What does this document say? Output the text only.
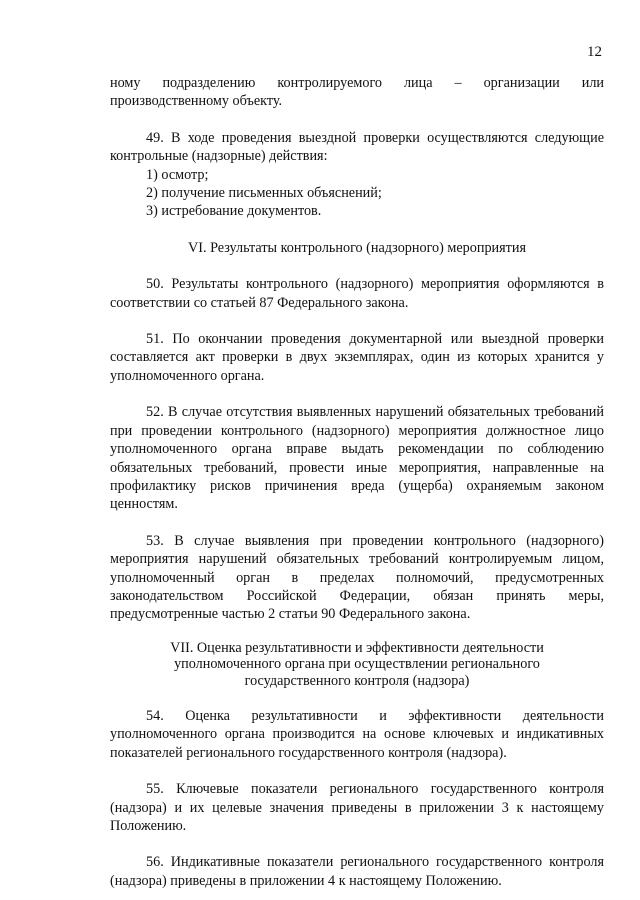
12

ному подразделению контролируемого лица – организации или производственному объекту.

49. В ходе проведения выездной проверки осуществляются следующие контрольные (надзорные) действия:

1) осмотр;

2) получение письменных объяснений;

3) истребование документов.

VI. Результаты контрольного (надзорного) мероприятия

50. Результаты контрольного (надзорного) мероприятия оформляются в соответствии со статьей 87 Федерального закона.

51. По окончании проведения документарной или выездной проверки составляется акт проверки в двух экземплярах, один из которых хранится у уполномоченного органа.

52. В случае отсутствия выявленных нарушений обязательных требований при проведении контрольного (надзорного) мероприятия должностное лицо уполномоченного органа вправе выдать рекомендации по соблюдению обязательных требований, провести иные мероприятия, направленные на профилактику рисков причинения вреда (ущерба) охраняемым законом ценностям.

53. В случае выявления при проведении контрольного (надзорного) мероприятия нарушений обязательных требований контролируемым лицом, уполномоченный орган в пределах полномочий, предусмотренных законодательством Российской Федерации, обязан принять меры, предусмотренные частью 2 статьи 90 Федерального закона.

VII. Оценка результативности и эффективности деятельности
уполномоченного органа при осуществлении регионального
государственного контроля (надзора)

54. Оценка результативности и эффективности деятельности уполномоченного органа производится на основе ключевых и индикативных показателей регионального государственного контроля (надзора).

55. Ключевые показатели регионального государственного контроля (надзора) и их целевые значения приведены в приложении 3 к настоящему Положению.

56. Индикативные показатели регионального государственного контроля (надзора) приведены в приложении 4 к настоящему Положению.
